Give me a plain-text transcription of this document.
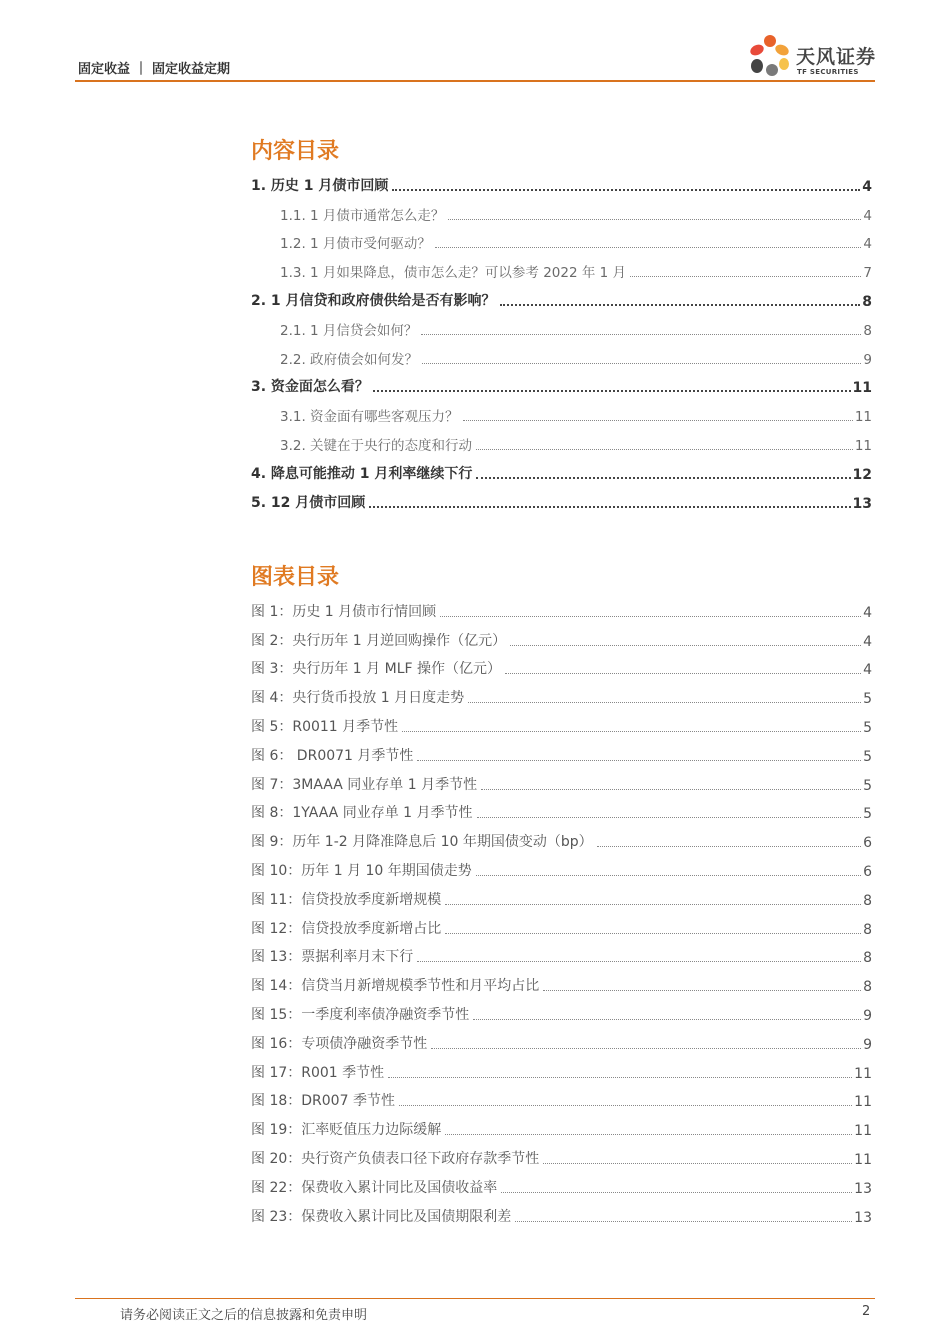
固定收益 ｜ 固定收益定期
天风证券
TF SECURITIES
内容目录
1. 历史 1 月债市回顾	4
1.1. 1 月债市通常怎么走？	4
1.2. 1 月债市受何驱动？	4
1.3. 1 月如果降息，债市怎么走？可以参考 2022 年 1 月	7
2. 1 月信贷和政府债供给是否有影响？	8
2.1. 1 月信贷会如何？	8
2.2. 政府债会如何发？	9
3. 资金面怎么看？	11
3.1. 资金面有哪些客观压力？	11
3.2. 关键在于央行的态度和行动	11
4. 降息可能推动 1 月利率继续下行	12
5. 12 月债市回顾	13
图表目录
图 1：历史 1 月债市行情回顾	4
图 2：央行历年 1 月逆回购操作（亿元）	4
图 3：央行历年 1 月 MLF 操作（亿元）	4
图 4：央行货币投放 1 月日度走势	5
图 5：R0011 月季节性	5
图 6： DR0071 月季节性	5
图 7：3MAAA 同业存单 1 月季节性	5
图 8：1YAAA 同业存单 1 月季节性	5
图 9：历年 1-2 月降准降息后 10 年期国债变动（bp）	6
图 10：历年 1 月 10 年期国债走势	6
图 11：信贷投放季度新增规模	8
图 12：信贷投放季度新增占比	8
图 13：票据利率月末下行	8
图 14：信贷当月新增规模季节性和月平均占比	8
图 15：一季度利率债净融资季节性	9
图 16：专项债净融资季节性	9
图 17：R001 季节性	11
图 18：DR007 季节性	11
图 19：汇率贬值压力边际缓解	11
图 20：央行资产负债表口径下政府存款季节性	11
图 22：保费收入累计同比及国债收益率	13
图 23：保费收入累计同比及国债期限利差	13
请务必阅读正文之后的信息披露和免责申明	2
